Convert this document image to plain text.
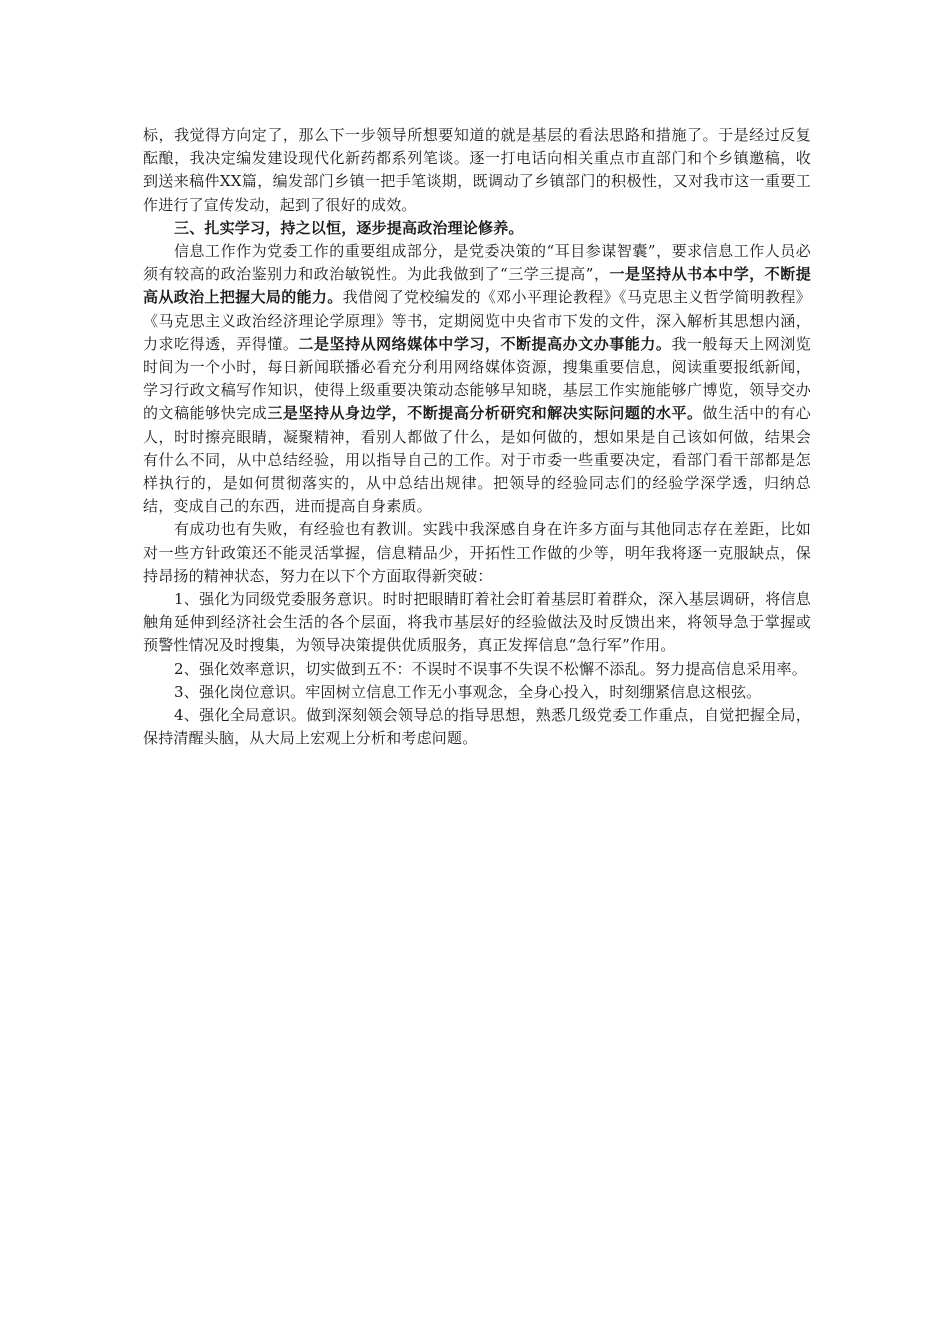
标，我觉得方向定了，那么下一步领导所想要知道的就是基层的看法思路和措施了。于是经过反复酝酿，我决定编发建设现代化新药都系列笔谈。逐一打电话向相关重点市直部门和个乡镇邀稿，收到送来稿件XX篇，编发部门乡镇一把手笔谈期，既调动了乡镇部门的积极性，又对我市这一重要工作进行了宣传发动，起到了很好的成效。

三、扎实学习，持之以恒，逐步提高政治理论修养。

信息工作作为党委工作的重要组成部分，是党委决策的“耳目参谋智囊”，要求信息工作人员必须有较高的政治鉴别力和政治敏锐性。为此我做到了“三学三提高”，一是坚持从书本中学，不断提高从政治上把握大局的能力。我借阅了党校编发的《邓小平理论教程》《马克思主义哲学简明教程》《马克思主义政治经济理论学原理》等书，定期阅览中央省市下发的文件，深入解析其思想内涵，力求吃得透，弄得懂。二是坚持从网络媒体中学习，不断提高办文办事能力。我一般每天上网浏览时间为一个小时，每日新闻联播必看充分利用网络媒体资源，搜集重要信息，阅读重要报纸新闻，学习行政文稿写作知识，使得上级重要决策动态能够早知晓，基层工作实施能够广博览，领导交办的文稿能够快完成三是坚持从身边学，不断提高分析研究和解决实际问题的水平。做生活中的有心人，时时擦亮眼睛，凝聚精神，看别人都做了什么，是如何做的，想如果是自己该如何做，结果会有什么不同，从中总结经验，用以指导自己的工作。对于市委一些重要决定，看部门看干部都是怎样执行的，是如何贯彻落实的，从中总结出规律。把领导的经验同志们的经验学深学透，归纳总结，变成自己的东西，进而提高自身素质。

有成功也有失败，有经验也有教训。实践中我深感自身在许多方面与其他同志存在差距，比如对一些方针政策还不能灵活掌握，信息精品少，开拓性工作做的少等，明年我将逐一克服缺点，保持昂扬的精神状态，努力在以下个方面取得新突破：

1、强化为同级党委服务意识。时时把眼睛盯着社会盯着基层盯着群众，深入基层调研，将信息触角延伸到经济社会生活的各个层面，将我市基层好的经验做法及时反馈出来，将领导急于掌握或预警性情况及时搜集，为领导决策提供优质服务，真正发挥信息“急行军”作用。

2、强化效率意识，切实做到五不：不误时不误事不失误不松懈不添乱。努力提高信息采用率。

3、强化岗位意识。牢固树立信息工作无小事观念，全身心投入，时刻绷紧信息这根弦。

4、强化全局意识。做到深刻领会领导总的指导思想，熟悉几级党委工作重点，自觉把握全局，保持清醒头脑，从大局上宏观上分析和考虑问题。
